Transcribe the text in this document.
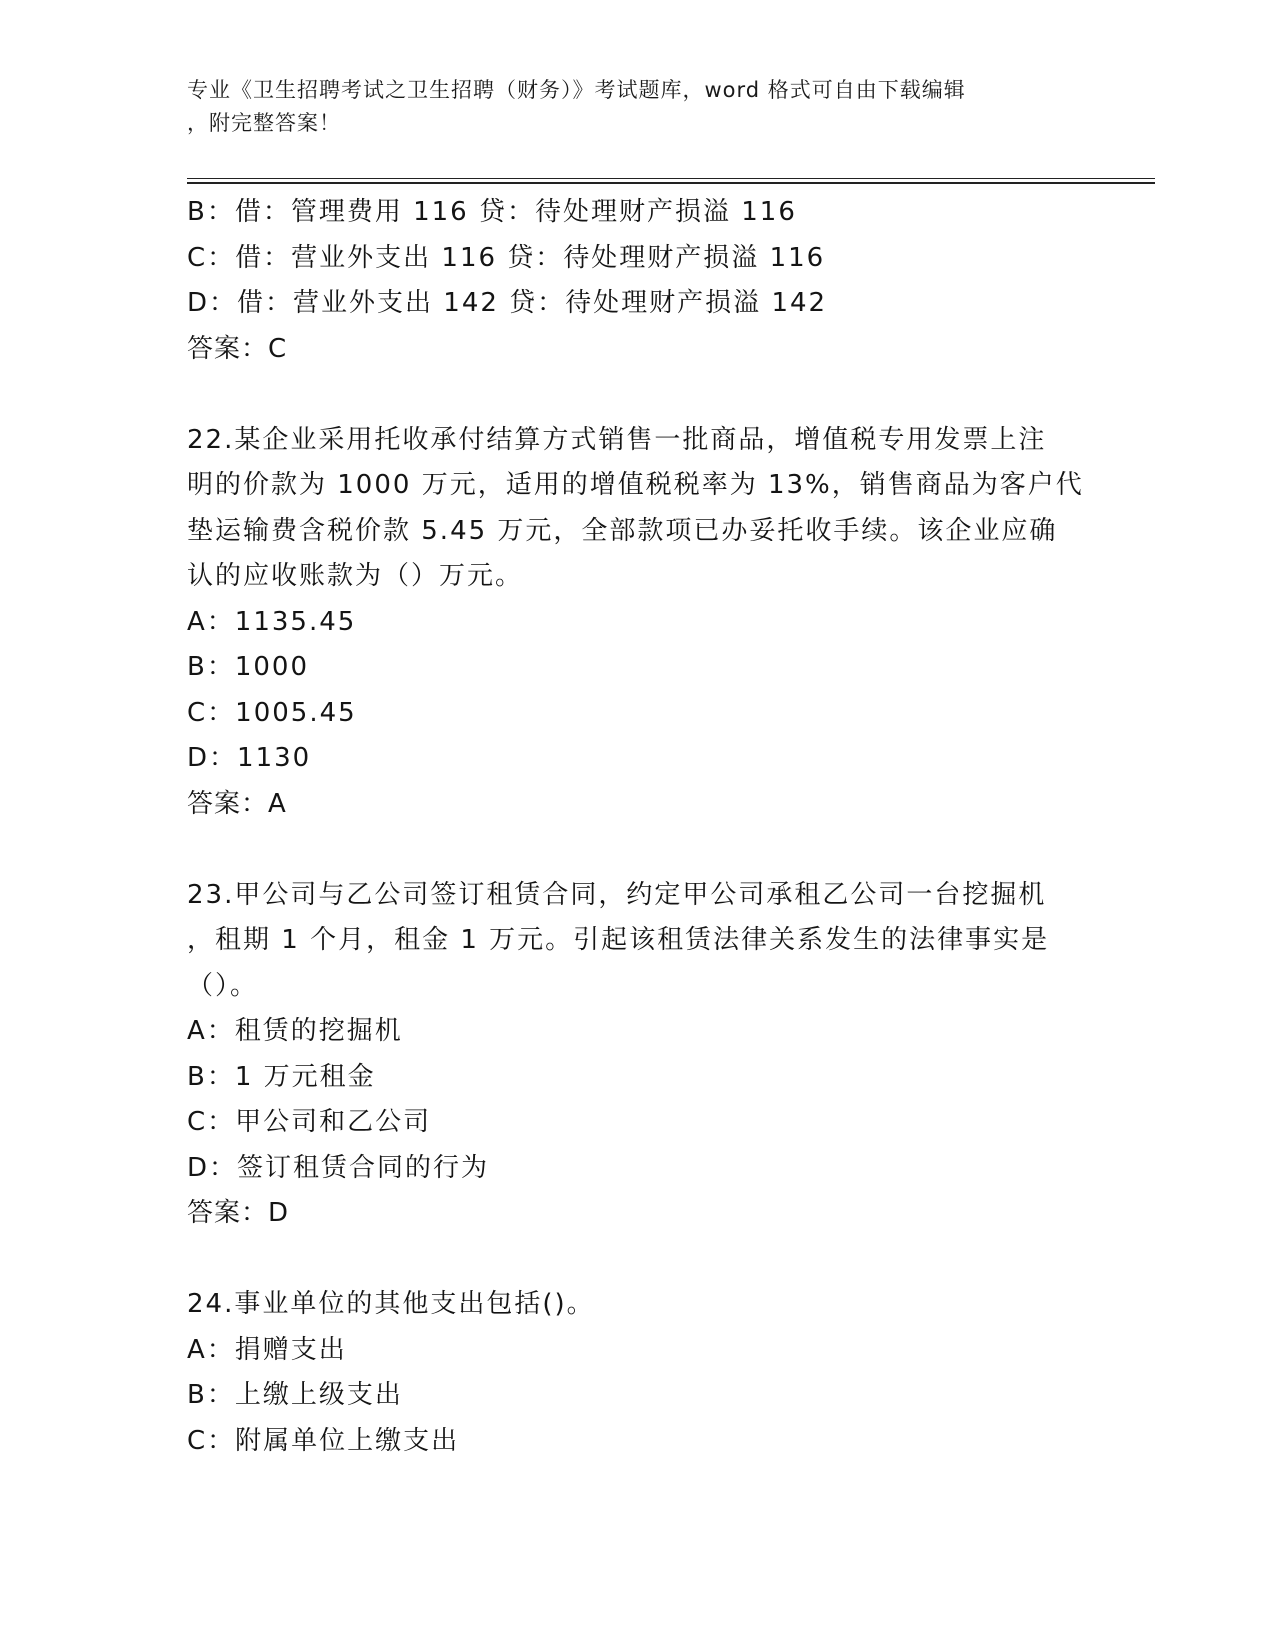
专业《卫生招聘考试之卫生招聘（财务）》考试题库，word 格式可自由下载编辑
，附完整答案！
B：借：管理费用 116 贷：待处理财产损溢 116
C：借：营业外支出 116 贷：待处理财产损溢 116
D：借：营业外支出 142 贷：待处理财产损溢 142
答案：C
22.某企业采用托收承付结算方式销售一批商品，增值税专用发票上注
明的价款为 1000 万元，适用的增值税税率为 13%，销售商品为客户代
垫运输费含税价款 5.45 万元，全部款项已办妥托收手续。该企业应确
认的应收账款为（）万元。
A：1135.45
B：1000
C：1005.45
D：1130
答案：A
23.甲公司与乙公司签订租赁合同，约定甲公司承租乙公司一台挖掘机
，租期 1 个月，租金 1 万元。引起该租赁法律关系发生的法律事实是
（）。
A：租赁的挖掘机
B：1 万元租金
C：甲公司和乙公司
D：签订租赁合同的行为
答案：D
24.事业单位的其他支出包括()。
A：捐赠支出
B：上缴上级支出
C：附属单位上缴支出
